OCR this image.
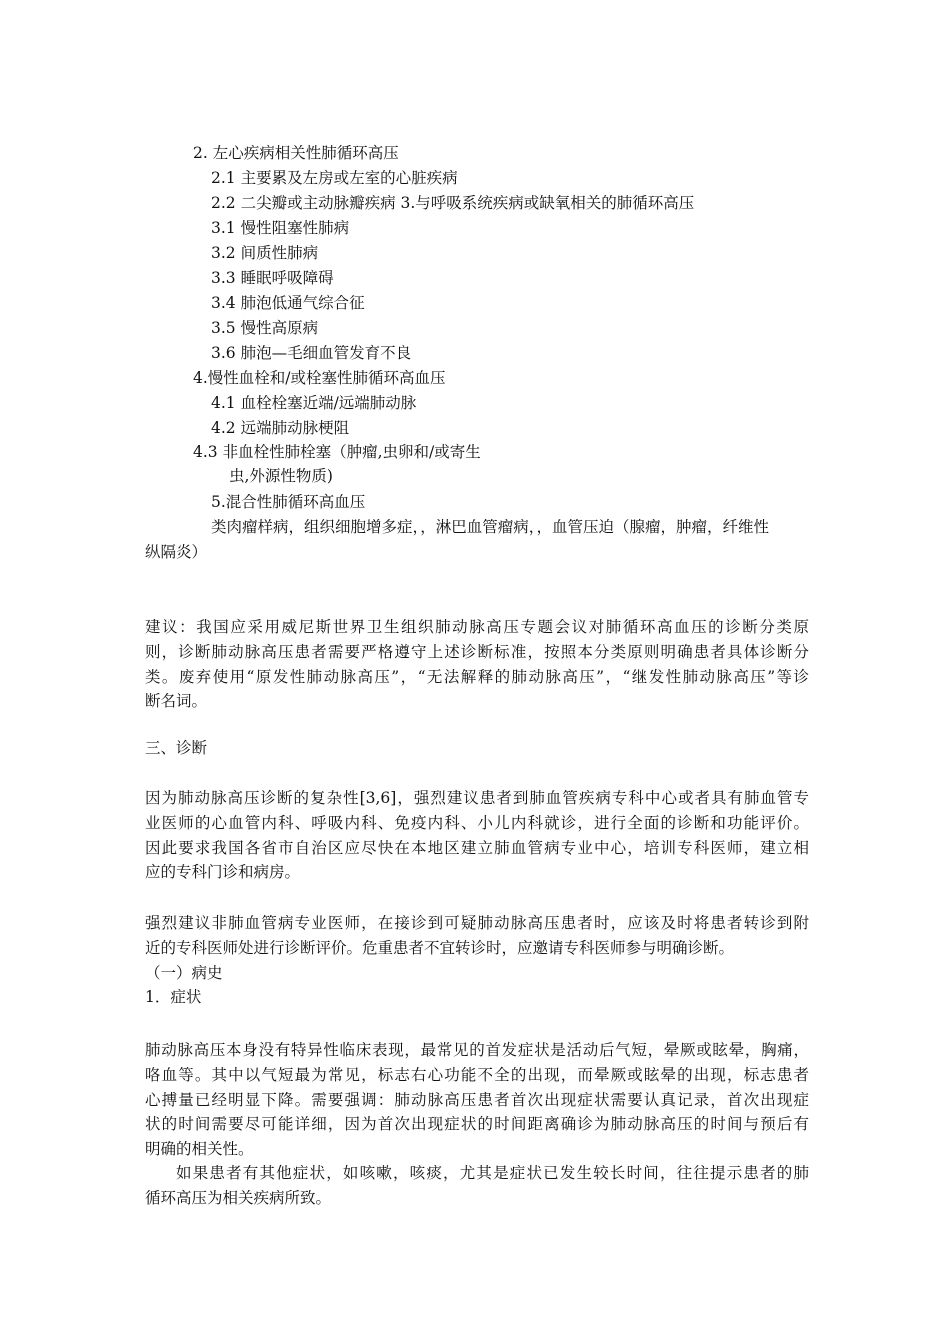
2. 左心疾病相关性肺循环高压
2.1 主要累及左房或左室的心脏疾病
2.2 二尖瓣或主动脉瓣疾病 3.与呼吸系统疾病或缺氧相关的肺循环高压
3.1 慢性阻塞性肺病
3.2 间质性肺病
3.3 睡眠呼吸障碍
3.4 肺泡低通气综合征
3.5 慢性高原病
3.6 肺泡—毛细血管发育不良
4.慢性血栓和/或栓塞性肺循环高血压
4.1 血栓栓塞近端/远端肺动脉
4.2 远端肺动脉梗阻
4.3 非血栓性肺栓塞（肿瘤,虫卵和/或寄生
虫,外源性物质)
5.混合性肺循环高血压
类肉瘤样病，组织细胞增多症，，淋巴血管瘤病，，血管压迫（腺瘤，肿瘤，纤维性
纵隔炎）
建议：我国应采用威尼斯世界卫生组织肺动脉高压专题会议对肺循环高血压的诊断分类原
则，诊断肺动脉高压患者需要严格遵守上述诊断标准，按照本分类原则明确患者具体诊断分
类。废弃使用“原发性肺动脉高压”，“无法解释的肺动脉高压”，“继发性肺动脉高压”等诊
断名词。
三、诊断
因为肺动脉高压诊断的复杂性[3,6]，强烈建议患者到肺血管疾病专科中心或者具有肺血管专
业医师的心血管内科、呼吸内科、免疫内科、小儿内科就诊，进行全面的诊断和功能评价。
因此要求我国各省市自治区应尽快在本地区建立肺血管病专业中心，培训专科医师，建立相
应的专科门诊和病房。
强烈建议非肺血管病专业医师，在接诊到可疑肺动脉高压患者时，应该及时将患者转诊到附
近的专科医师处进行诊断评价。危重患者不宜转诊时，应邀请专科医师参与明确诊断。
（一）病史
1．症状
肺动脉高压本身没有特异性临床表现，最常见的首发症状是活动后气短，晕厥或眩晕，胸痛，
咯血等。其中以气短最为常见，标志右心功能不全的出现，而晕厥或眩晕的出现，标志患者
心搏量已经明显下降。需要强调：肺动脉高压患者首次出现症状需要认真记录，首次出现症
状的时间需要尽可能详细，因为首次出现症状的时间距离确诊为肺动脉高压的时间与预后有
明确的相关性。
如果患者有其他症状，如咳嗽，咳痰，尤其是症状已发生较长时间，往往提示患者的肺
循环高压为相关疾病所致。
